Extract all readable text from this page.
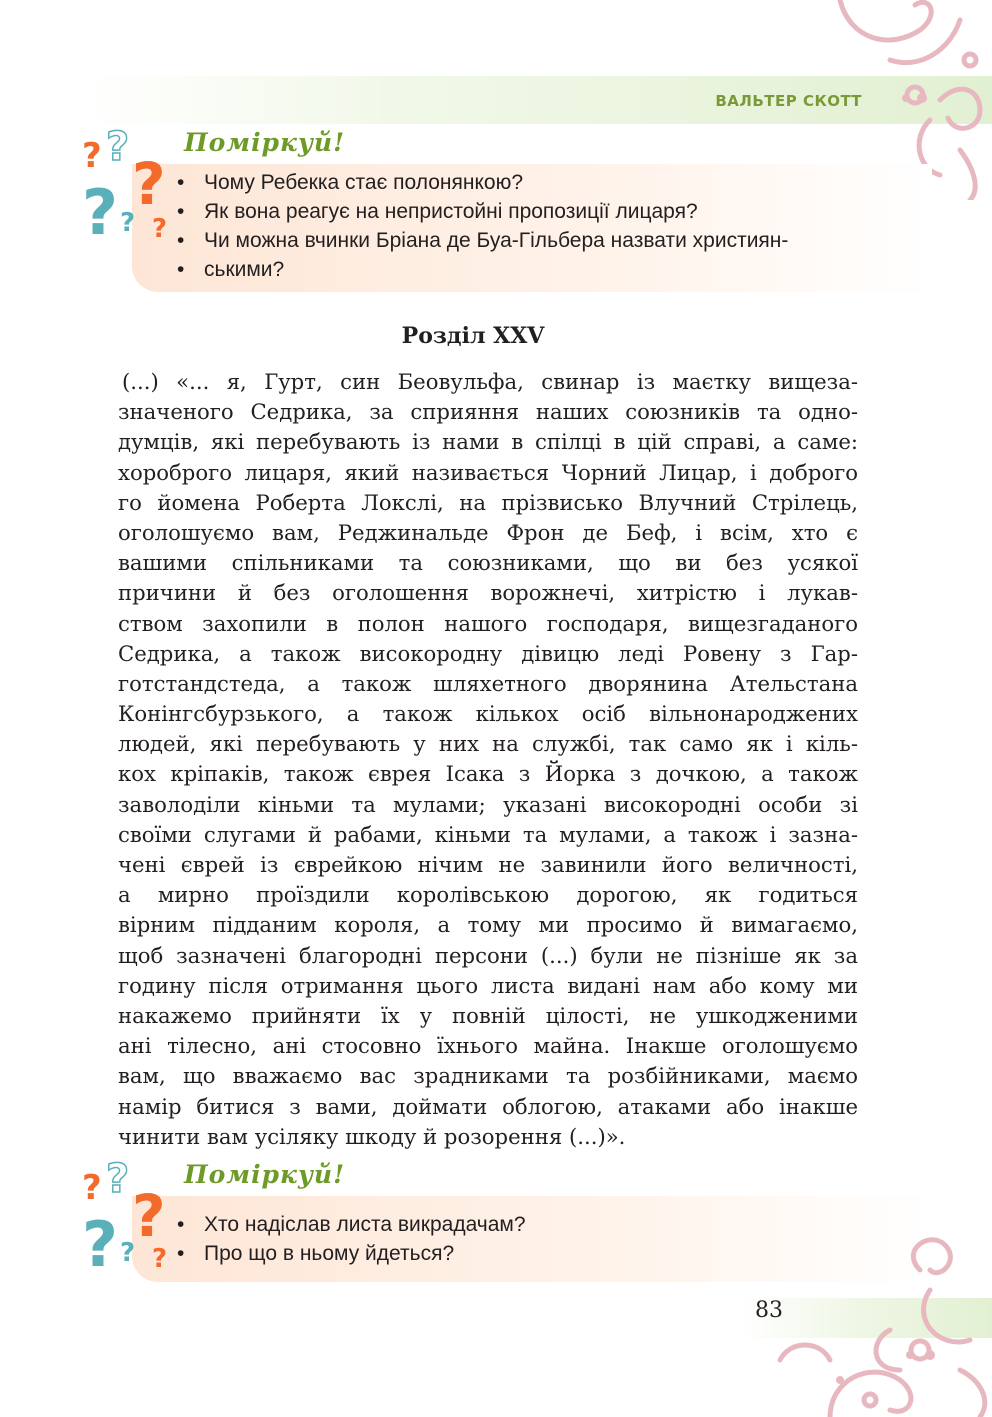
ВАЛЬТЕР СКОТТ
Поміркуй!
• Чому Ребекка стає полонянкою?
• Як вона реагує на непристойні пропозиції лицаря?
• Чи можна вчинки Бріана де Буа-Гільбера назвати християн-
• ськими?
? ?
?
? ? ?
Розділ XXV
(...) «... я, Гурт, син Беовульфа, свинар із маєтку вищеза-
значеного Седрика, за сприяння наших союзників та одно-
думців, які перебувають із нами в спілці в цій справі, а саме:
хороброго лицаря, який називається Чорний Лицар, і доброго
го йомена Роберта Локслі, на прізвисько Влучний Стрілець,
оголошуємо вам, Реджинальде Фрон де Беф, і всім, хто є
вашими спільниками та союзниками, що ви без усякої
причини й без оголошення ворожнечі, хитрістю і лукав-
ством захопили в полон нашого господаря, вищезгаданого
Седрика, а також високородну дівицю леді Ровену з Гар-
готстандстеда, а також шляхетного дворянина Ательстана
Конінгсбурзького, а також кількох осіб вільнонароджених
людей, які перебувають у них на службі, так само як і кіль-
кох кріпаків, також єврея Ісака з Йорка з дочкою, а також
заволоділи кіньми та мулами; указані високородні особи зі
своїми слугами й рабами, кіньми та мулами, а також і зазна-
чені єврей із єврейкою нічим не завинили його величності,
а мирно проїздили королівською дорогою, як годиться
вірним підданим короля, а тому ми просимо й вимагаємо,
щоб зазначені благородні персони (...) були не пізніше як за
годину після отримання цього листа видані нам або кому ми
накажемо прийняти їх у повній цілості, не ушкодженими
ані тілесно, ані стосовно їхнього майна. Інакше оголошуємо
вам, що вважаємо вас зрадниками та розбійниками, маємо
намір битися з вами, доймати облогою, атаками або інакше
чинити вам усіляку шкоду й розорення (...)».
Поміркуй!
• Хто надіслав листа викрадачам?
• Про що в ньому йдеться?
? ?
?
? ? ?
83
